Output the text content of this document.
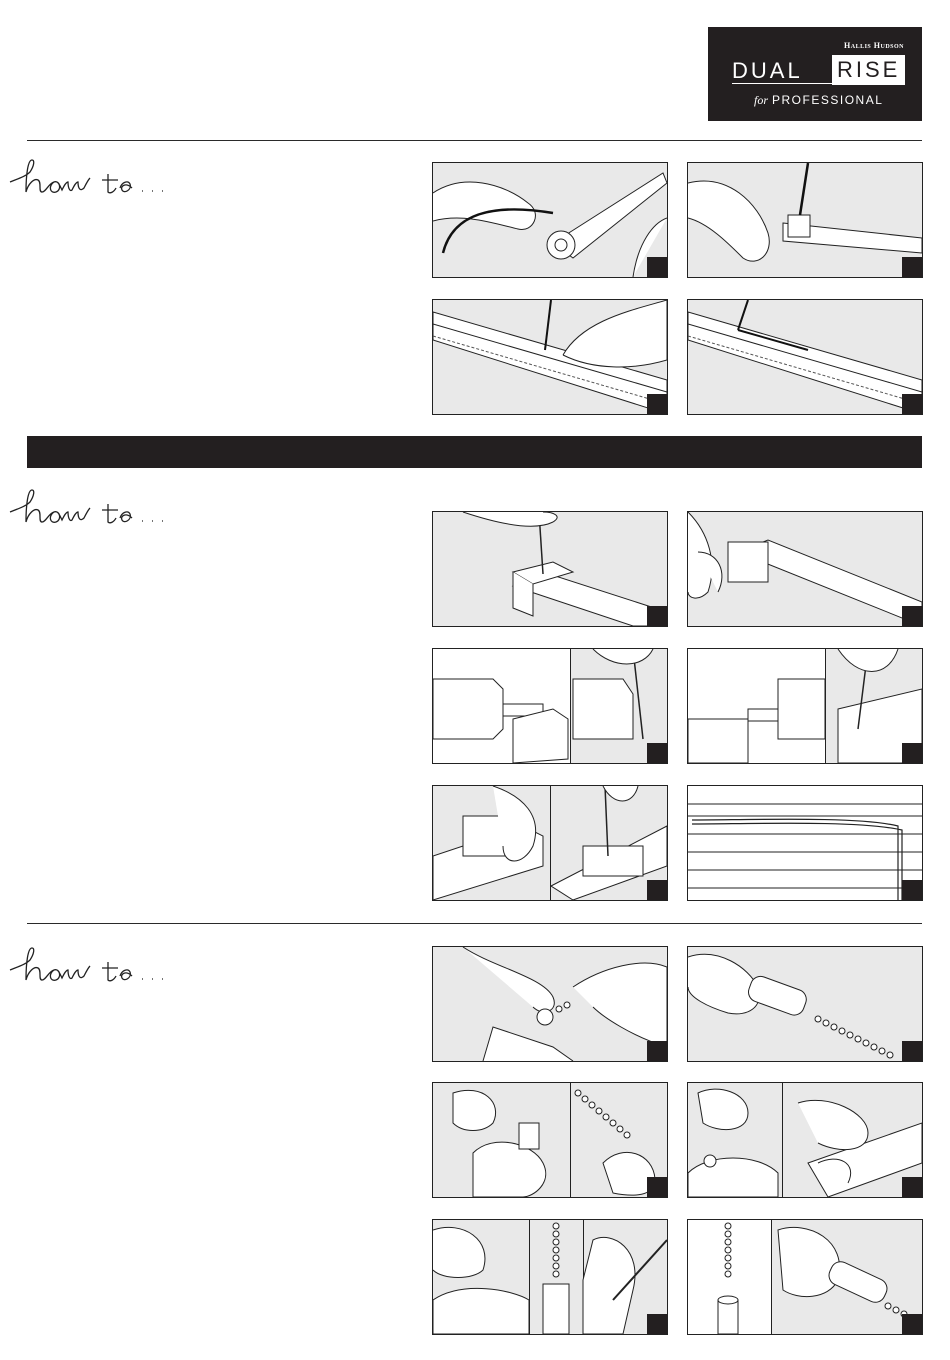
Hallis Hudson
DUAL RISE
for PROFESSIONAL
